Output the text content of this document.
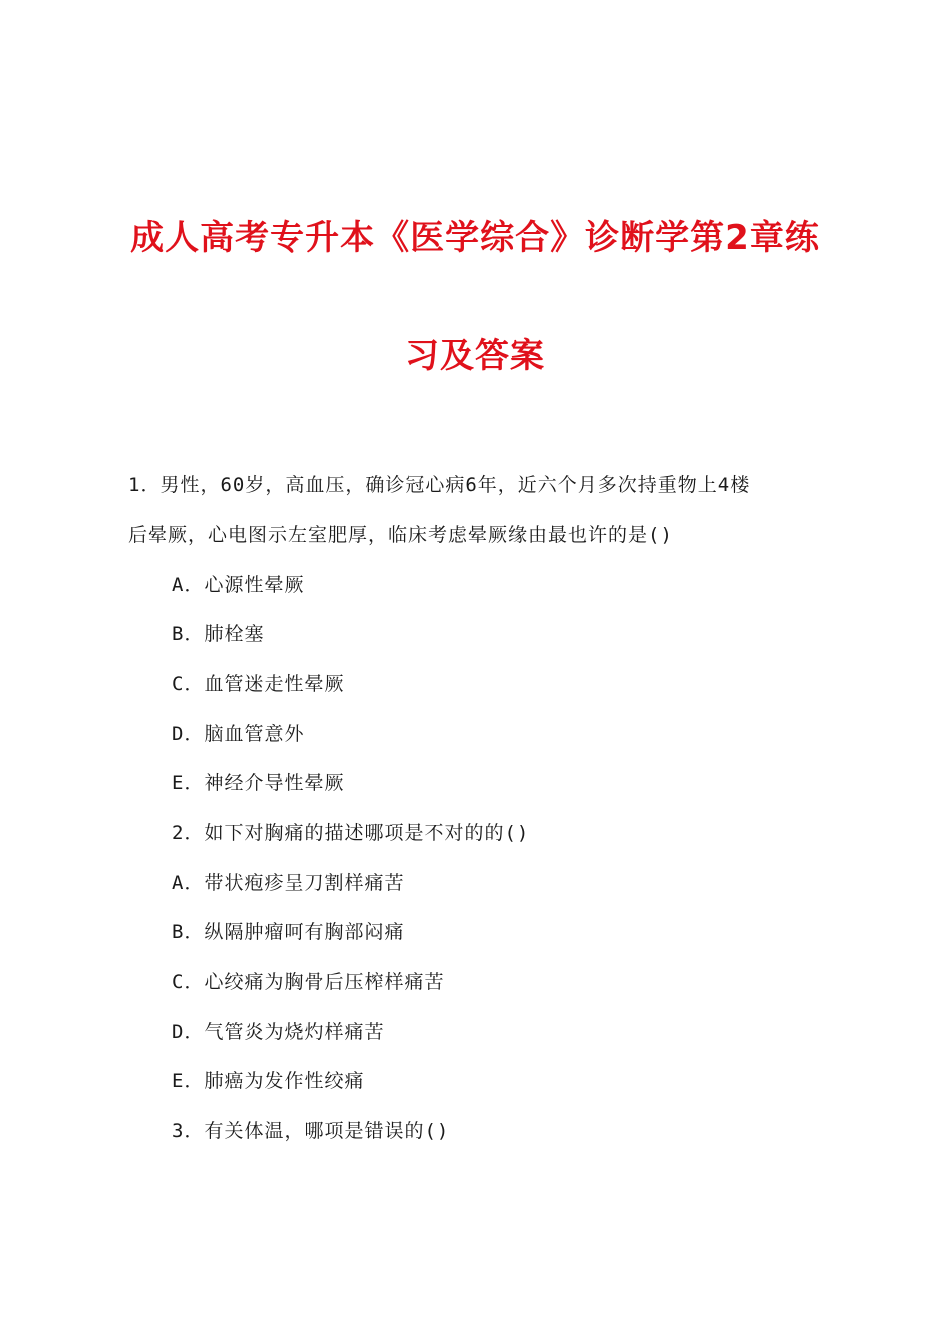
成人高考专升本《医学综合》诊断学第2章练
习及答案
1．男性，60岁，高血压，确诊冠心病6年，近六个月多次持重物上4楼
后晕厥，心电图示左室肥厚，临床考虑晕厥缘由最也许的是()
A．心源性晕厥
B．肺栓塞
C．血管迷走性晕厥
D．脑血管意外
E．神经介导性晕厥
2．如下对胸痛的描述哪项是不对的的()
A．带状疱疹呈刀割样痛苦
B．纵隔肿瘤呵有胸部闷痛
C．心绞痛为胸骨后压榨样痛苦
D．气管炎为烧灼样痛苦
E．肺癌为发作性绞痛
3．有关体温，哪项是错误的()
